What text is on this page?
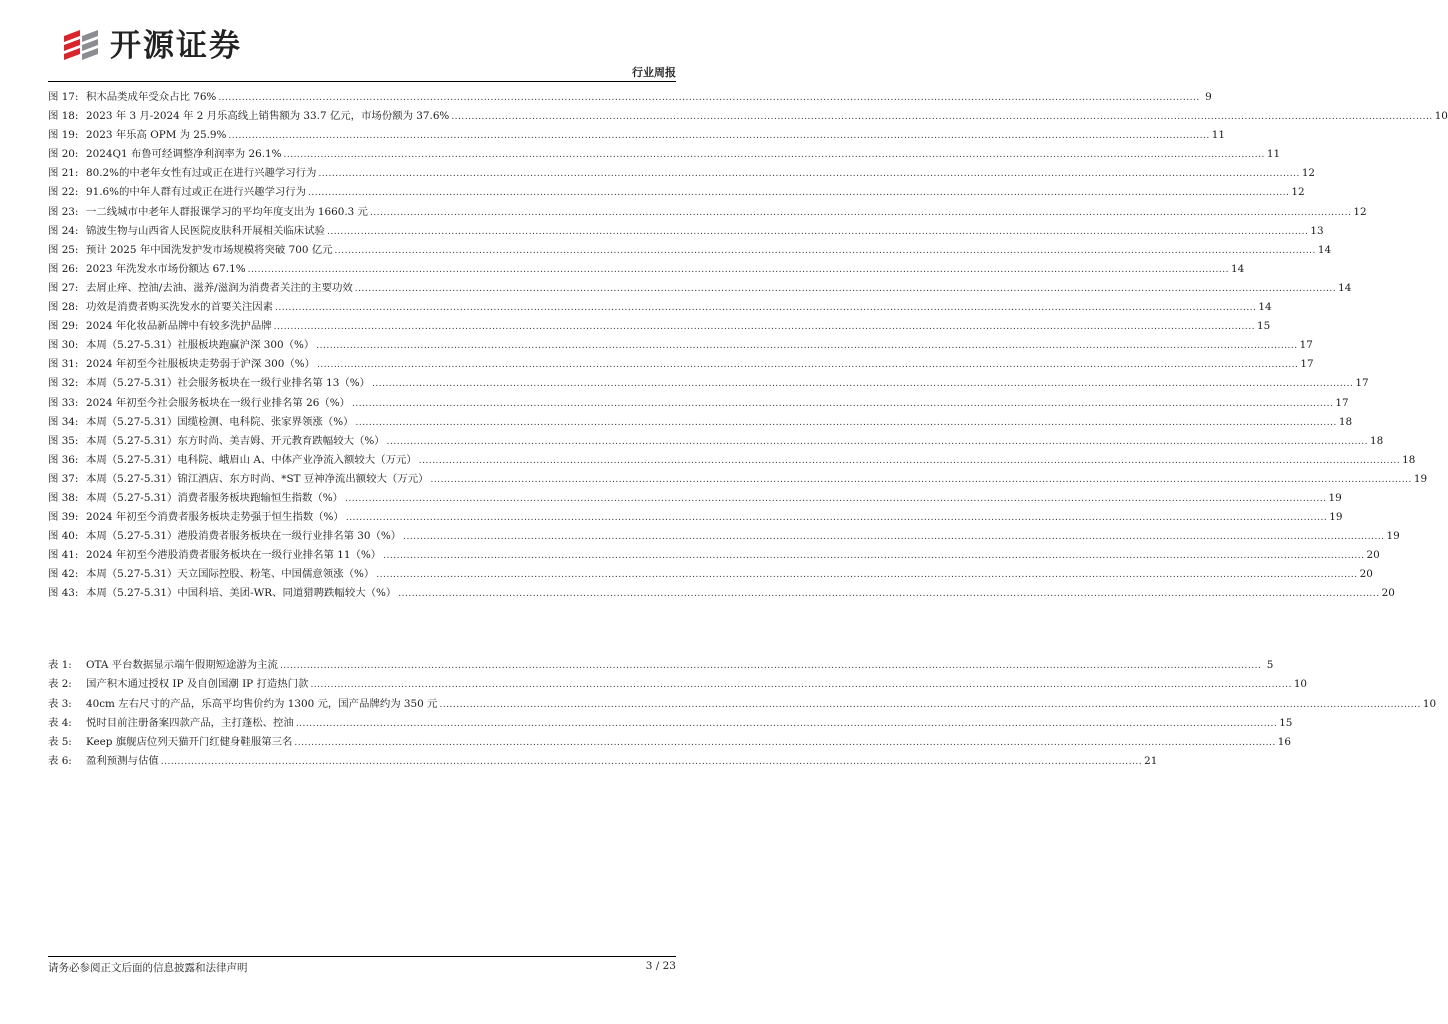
开源证券
行业周报
图 17: 积木品类成年受众占比 76% .....	9
图 18: 2023 年 3 月-2024 年 2 月乐高线上销售额为 33.7 亿元，市场份额为 37.6% .....	10
图 19: 2023 年乐高 OPM 为 25.9% .....	11
图 20: 2024Q1 布鲁可经调整净利润率为 26.1% .....	11
图 21: 80.2%的中老年女性有过或正在进行兴趣学习行为 .....	12
图 22: 91.6%的中年人群有过或正在进行兴趣学习行为 .....	12
图 23: 一二线城市中老年人群报课学习的平均年度支出为 1660.3 元 .....	12
图 24: 锦波生物与山西省人民医院皮肤科开展相关临床试验 .....	13
图 25: 预计 2025 年中国洗发护发市场规模将突破 700 亿元 .....	14
图 26: 2023 年洗发水市场份额达 67.1% .....	14
图 27: 去屑止痒、控油/去油、滋养/滋润为消费者关注的主要功效 .....	14
图 28: 功效是消费者购买洗发水的首要关注因素 .....	14
图 29: 2024 年化妆品新品牌中有较多洗护品牌 .....	15
图 30: 本周（5.27-5.31）社服板块跑赢沪深 300（%） .....	17
图 31: 2024 年初至今社服板块走势弱于沪深 300（%） .....	17
图 32: 本周（5.27-5.31）社会服务板块在一级行业排名第 13（%） .....	17
图 33: 2024 年初至今社会服务板块在一级行业排名第 26（%） .....	17
图 34: 本周（5.27-5.31）国缆检测、电科院、张家界领涨（%） .....	18
图 35: 本周（5.27-5.31）东方时尚、美吉姆、开元教育跌幅较大（%） .....	18
图 36: 本周（5.27-5.31）电科院、峨眉山 A、中体产业净流入额较大（万元） .....	18
图 37: 本周（5.27-5.31）锦江酒店、东方时尚、*ST 豆神净流出额较大（万元） .....	19
图 38: 本周（5.27-5.31）消费者服务板块跑输恒生指数（%） .....	19
图 39: 2024 年初至今消费者服务板块走势强于恒生指数（%） .....	19
图 40: 本周（5.27-5.31）港股消费者服务板块在一级行业排名第 30（%） .....	19
图 41: 2024 年初至今港股消费者服务板块在一级行业排名第 11（%） .....	20
图 42: 本周（5.27-5.31）天立国际控股、粉笔、中国儒意领涨（%） .....	20
图 43: 本周（5.27-5.31）中国科培、美团-WR、同道猎聘跌幅较大（%） .....	20
表 1:	OTA 平台数据显示端午假期短途游为主流 .....	5
表 2:	国产积木通过授权 IP 及自创国潮 IP 打造热门款 .....	10
表 3:	40cm 左右尺寸的产品，乐高平均售价约为 1300 元，国产品牌约为 350 元 .....	10
表 4:	悦时目前注册备案四款产品，主打蓬松、控油 .....	15
表 5:	Keep 旗舰店位列天猫开门红健身鞋服第三名 .....	16
表 6:	盈利预测与估值 .....	21
请务必参阅正文后面的信息披露和法律声明	3 / 23
